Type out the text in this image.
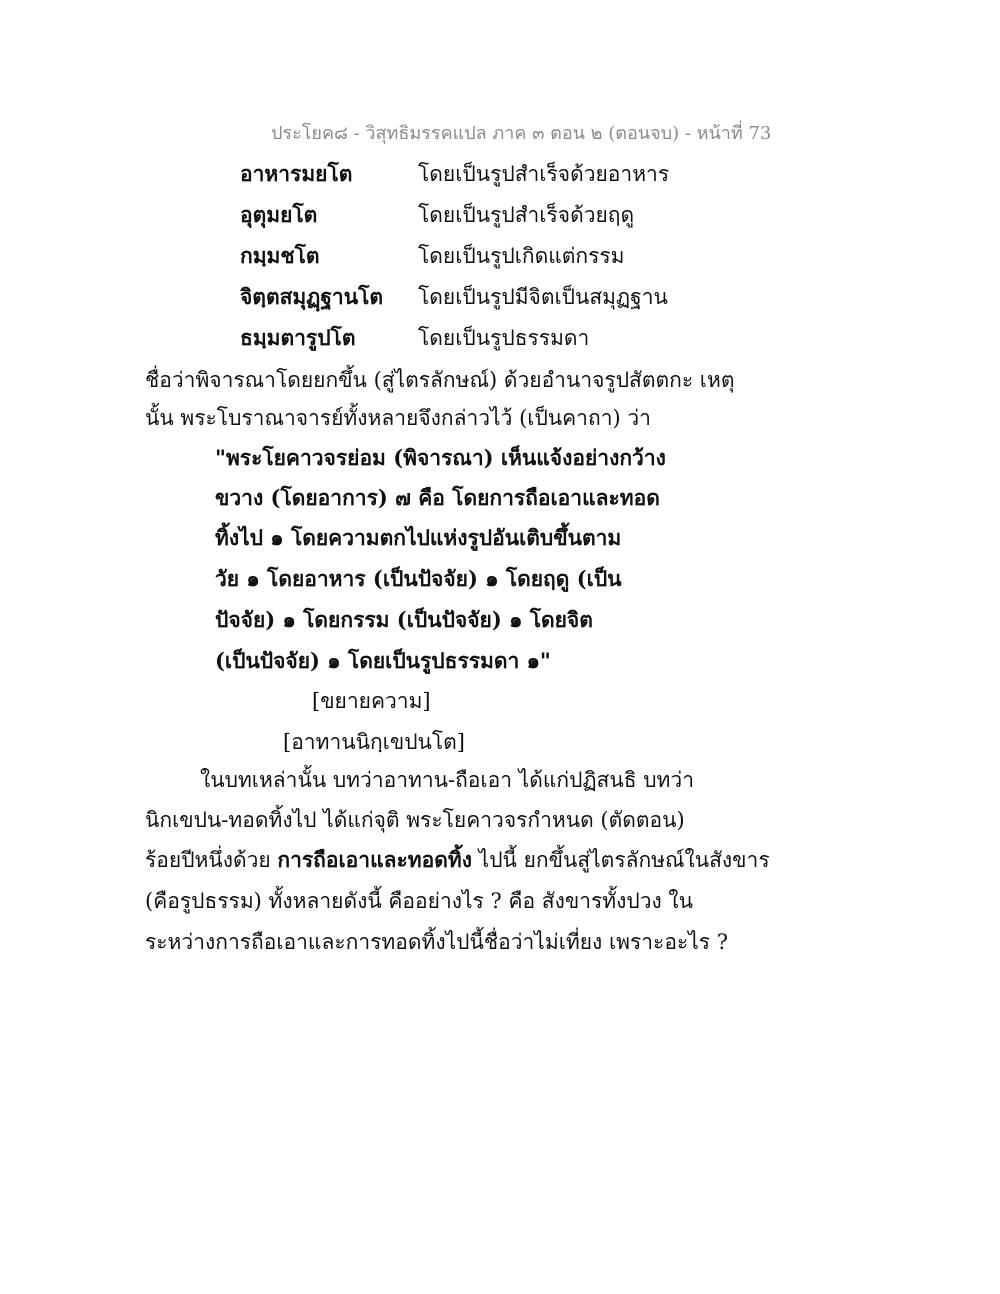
ประโยค๘ - วิสุทธิมรรคแปล ภาค ๓ ตอน ๒ (ตอนจบ) - หน้าที่ 73
อาหารมยโต	โดยเป็นรูปสำเร็จด้วยอาหาร
อุตุมยโต	โดยเป็นรูปสำเร็จด้วยฤดู
กมฺมชโต	โดยเป็นรูปเกิดแต่กรรม
จิตฺตสมุฏฺฐานโต โดยเป็นรูปมีจิตเป็นสมุฏฐาน
ธมฺมตารูปโต	โดยเป็นรูปธรรมดา
ชื่อว่าพิจารณาโดยยกขึ้น (สู่ไตรลักษณ์) ด้วยอำนาจรูปสัตตกะ เหตุ
นั้น พระโบราณาจารย์ทั้งหลายจึงกล่าวไว้ (เป็นคาถา) ว่า
"พระโยคาวจรย่อม (พิจารณา) เห็นแจ้งอย่างกว้าง
ขวาง (โดยอาการ) ๗ คือ โดยการถือเอาและทอด
ทิ้งไป ๑ โดยความตกไปแห่งรูปอันเติบขึ้นตาม
วัย ๑ โดยอาหาร (เป็นปัจจัย) ๑ โดยฤดู (เป็น
ปัจจัย) ๑ โดยกรรม (เป็นปัจจัย) ๑ โดยจิต
(เป็นปัจจัย) ๑ โดยเป็นรูปธรรมดา ๑"
[ขยายความ]
[อาทานนิกฺเขปนโต]
ในบทเหล่านั้น บทว่าอาทาน-ถือเอา ได้แก่ปฏิสนธิ บทว่า
นิกเขปน-ทอดทิ้งไป ได้แก่จุติ พระโยคาวจรกำหนด (ตัดตอน)
ร้อยปีหนึ่งด้วย การถือเอาและทอดทิ้ง ไปนี้ ยกขึ้นสู่ไตรลักษณ์ในสังขาร
(คือรูปธรรม) ทั้งหลายดังนี้ คืออย่างไร ? คือ สังขารทั้งปวง ใน
ระหว่างการถือเอาและการทอดทิ้งไปนี้ชื่อว่าไม่เที่ยง เพราะอะไร ?
